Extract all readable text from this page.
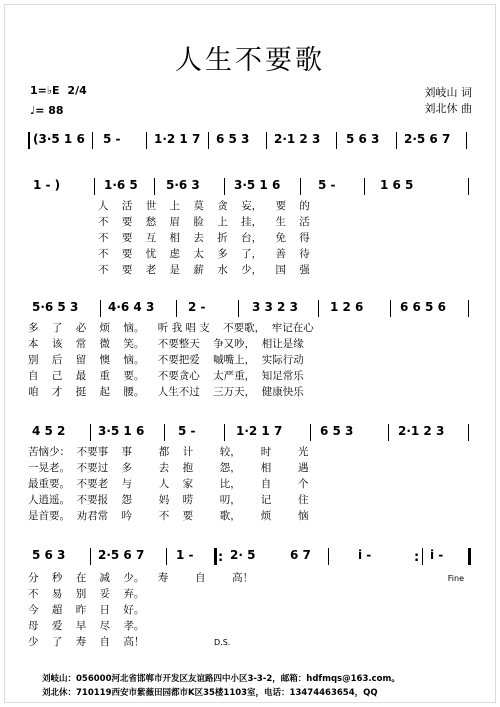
人生不要歌
1=♭E 2/4
♩= 88
刘岐山 词
刘北休 曲
(3·5 1 6 5 -	1·2 1 7 6 5 3 2·1 2 3 5 6 3 2·5 6 7
1 - )	1·6 5 5·6 3	3·5 1 6	5 -	1 6 5
人    活    世    上    莫    贪    妄，    要    的
不    要    愁    眉    脸    上    挂，    生    活
不    要    互    相    去    折    台，    免    得
不    要    忧    虑    太    多    了，    善    待
不    要    老    是    薪    水    少，    国    强
5·6 5 3 4·6 4 3	2 -	3 3 2 3	1 2 6	6 6 5 6
多    了    必    烦    恼。    听 我 唱 支    不要歌，  牢记在心
本    该    常    微    笑。    不要整天    争又吵，  相让是缘
别    后    留    懊    恼。    不要把爱    嘁嘴上，  实际行动
自    己    最    重    要。    不要贪心    太严重，  知足常乐
咱    才    挺    起    腰。    人生不过    三万天，  健康快乐
4 5 2	3·5 1 6	5 -	1·2 1 7	6 5 3	2·1 2 3
苦恼少：  不要事    事        都    计        较，      时        光
一晃老。  不要过    多        去    抱        怨，      相        遇
最重要。  不要老    与        人    家        比，      自        个
人逍遥。  不要报    怨        妈    唠        叨，      记        住
是首要。  劝君常    吟        不    要        歌，      烦        恼
5 6 3	2·5 6 7	1 - : 2· 5	6 7	i -	: i -
分    秒    在    减    少。    寿        自        高！
不    易    别    妥    弃。
今    超    昨    日    好。
母    爱    早    尽    孝。
少    了    寿    自    高！	D.S.
Fine
刘岐山：056000河北省邯郸市开发区友谊路四中小区3-3-2，邮箱：hdfmqs@163.com。
刘北休：710119西安市紫薇田园都市K区35楼1103室，电话：13474463654，QQ
